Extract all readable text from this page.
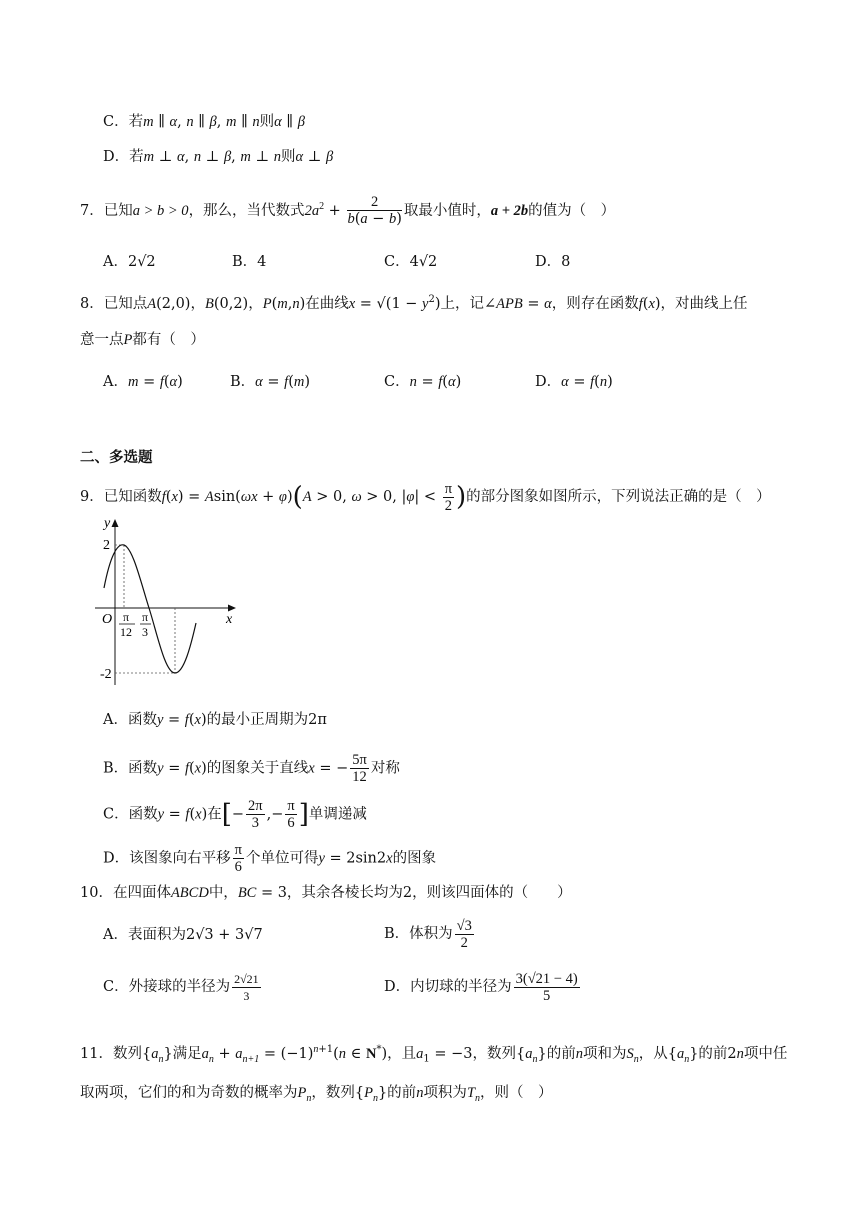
C．若m ∥ α, n ∥ β, m ∥ n则α ∥ β
D．若m ⊥ α, n ⊥ β, m ⊥ n则α ⊥ β
7．已知a > b > 0，那么，当代数式$2a^2 + \frac{2}{b(a - b)}$ 取最小值时，a + 2b的值为（　）
A．2√2	B．4	C．4√2	D．8
8．已知点A(2,0)，B(0,2)，P(m,n)在曲线$x = √(1 - y^2)$上，记∠APB = α，则存在函数f(x)，对曲线上任
意一点P都有（　）
A．m = f(α)	B．α = f(m)	C．n = f(α)	D．α = f(n)
二、多选题
9．已知函数f(x) = Asin(ωx + φ)(A > 0, ω > 0, $|\varphi| < \frac{\pi}{2}$ )的部分图象如图所示，下列说法正确的是（　）
y
x
O
2
-2
π
12
π
3
A．函数y = f(x)的最小正周期为2π
B．函数y = f(x)的图象关于直线x = − $\frac{5\pi}{12}$ 对称
C．函数y = f(x)在[− $\frac{2\pi}{3}$ ,− $\frac{\pi}{6}$ ]单调递减
D．该图象向右平移 $\frac{\pi}{6}$ 个单位可得y = 2sin2x的图象
10．在四面体ABCD中，BC = 3，其余各棱长均为2，则该四面体的（　　）
A．表面积为2√3 + 3√7	B．体积为 $\frac{√3}{2}$
C．外接球的半径为 $\frac{2√21}{3}$	D．内切球的半径为 $\frac{3(√21 - 4)}{5}$
11．数列$\{a_n\}$满足$a_n + a_{n+1} = (-1)^{n+1}(n$ ∈ N*)，且$a_1 = -3$，数列$\{a_n\}$的前n项和为$S_n$，从$\{a_n\}$的前2n项中任
取两项，它们的和为奇数的概率为$P_n$，数列$\{P_n\}$的前n项积为$T_n$，则（　）
